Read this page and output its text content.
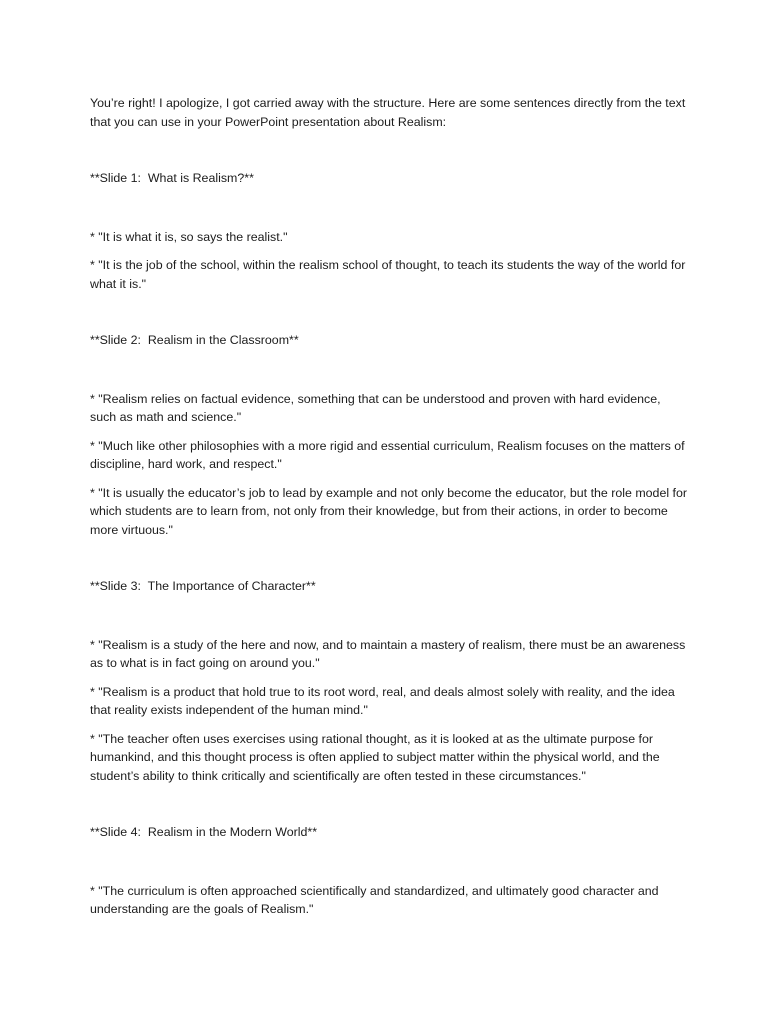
You’re right! I apologize, I got carried away with the structure. Here are some sentences directly from the text that you can use in your PowerPoint presentation about Realism:

**Slide 1:  What is Realism?**

* "It is what it is, so says the realist."

* "It is the job of the school, within the realism school of thought, to teach its students the way of the world for what it is."

**Slide 2:  Realism in the Classroom**

* "Realism relies on factual evidence, something that can be understood and proven with hard evidence, such as math and science."

* "Much like other philosophies with a more rigid and essential curriculum, Realism focuses on the matters of discipline, hard work, and respect."

* "It is usually the educator’s job to lead by example and not only become the educator, but the role model for which students are to learn from, not only from their knowledge, but from their actions, in order to become more virtuous."

**Slide 3:  The Importance of Character**

* "Realism is a study of the here and now, and to maintain a mastery of realism, there must be an awareness as to what is in fact going on around you."

* "Realism is a product that hold true to its root word, real, and deals almost solely with reality, and the idea that reality exists independent of the human mind."

* "The teacher often uses exercises using rational thought, as it is looked at as the ultimate purpose for humankind, and this thought process is often applied to subject matter within the physical world, and the student’s ability to think critically and scientifically are often tested in these circumstances."

**Slide 4:  Realism in the Modern World**

* "The curriculum is often approached scientifically and standardized, and ultimately good character and understanding are the goals of Realism."
